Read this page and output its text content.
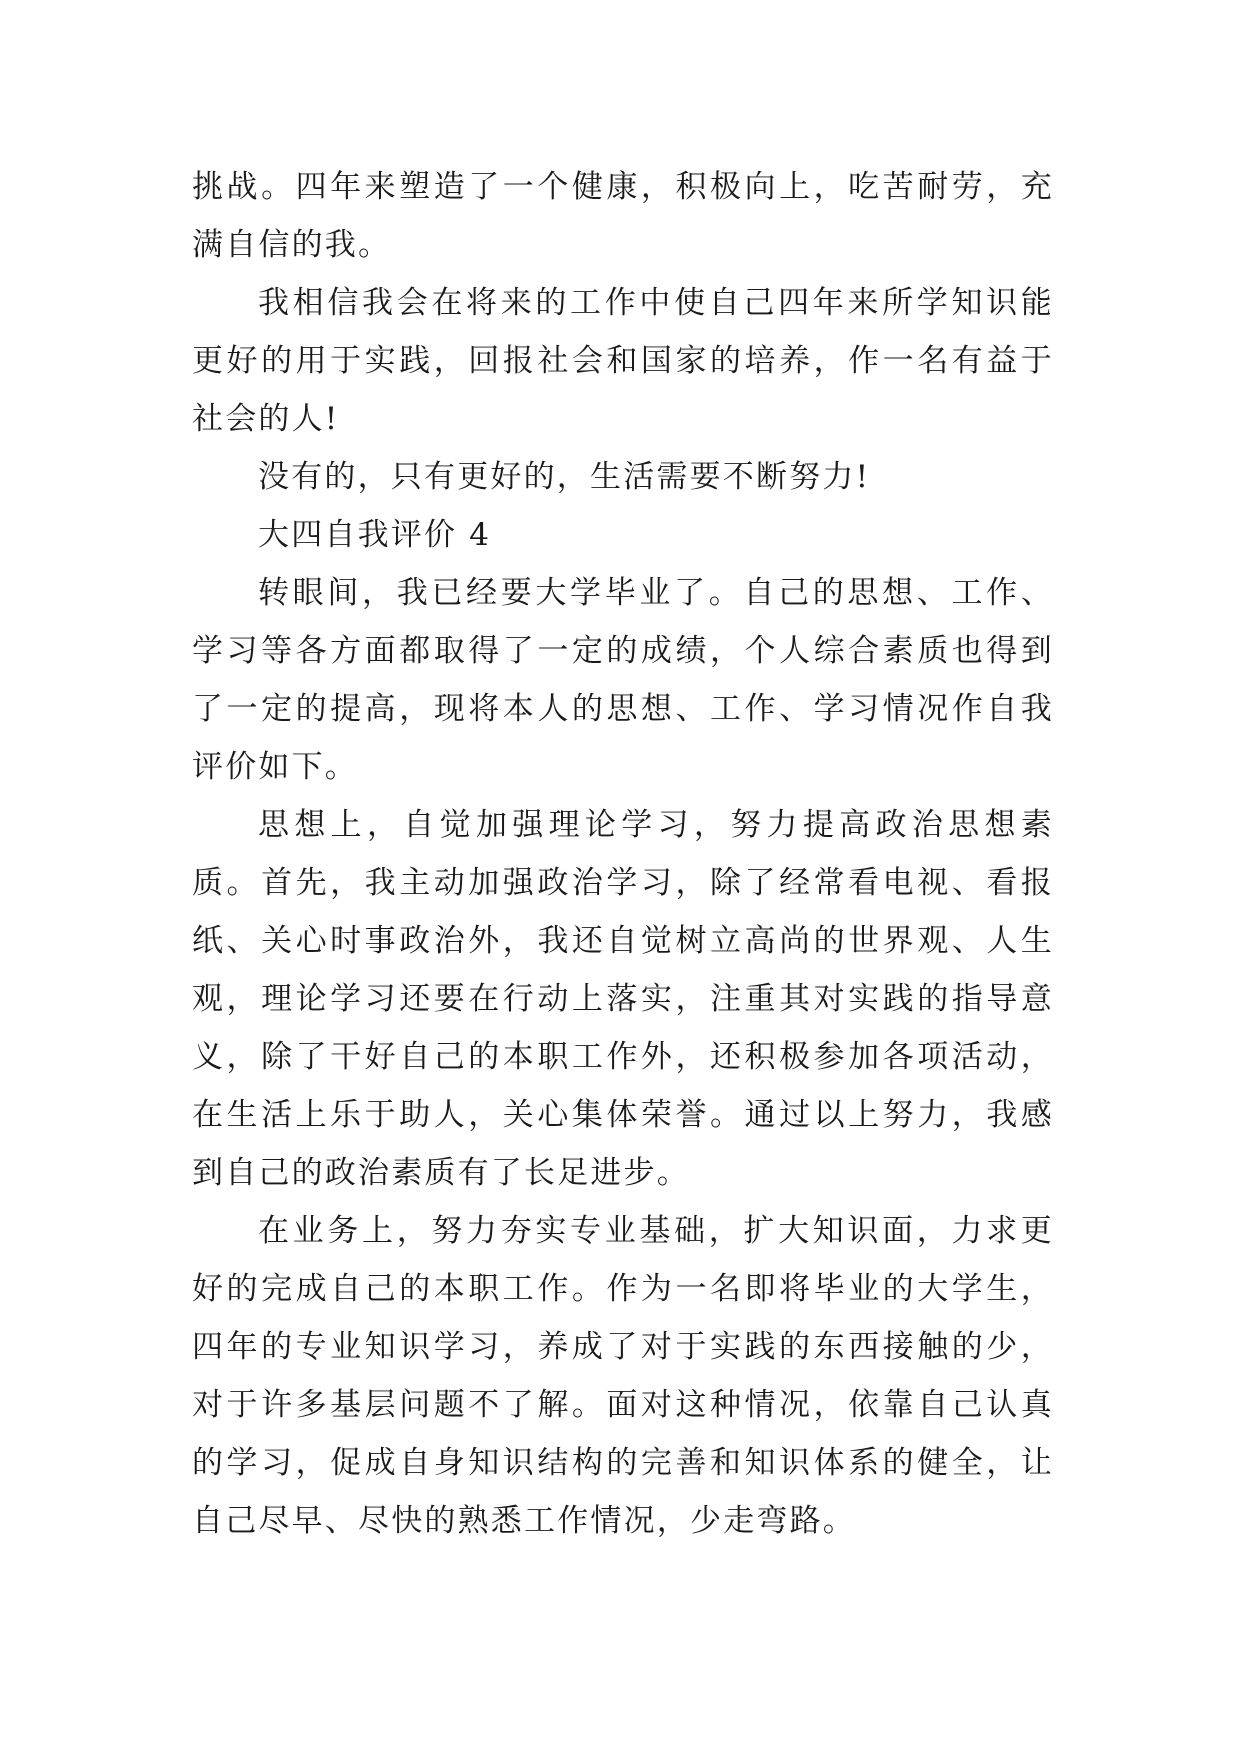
挑战。四年来塑造了一个健康，积极向上，吃苦耐劳，充满自信的我。

我相信我会在将来的工作中使自己四年来所学知识能更好的用于实践，回报社会和国家的培养，作一名有益于社会的人!

没有的，只有更好的，生活需要不断努力!

大四自我评价 4

转眼间，我已经要大学毕业了。自己的思想、工作、学习等各方面都取得了一定的成绩，个人综合素质也得到了一定的提高，现将本人的思想、工作、学习情况作自我评价如下。

思想上，自觉加强理论学习，努力提高政治思想素质。首先，我主动加强政治学习，除了经常看电视、看报纸、关心时事政治外，我还自觉树立高尚的世界观、人生观，理论学习还要在行动上落实，注重其对实践的指导意义，除了干好自己的本职工作外，还积极参加各项活动，在生活上乐于助人，关心集体荣誉。通过以上努力，我感到自己的政治素质有了长足进步。

在业务上，努力夯实专业基础，扩大知识面，力求更好的完成自己的本职工作。作为一名即将毕业的大学生，四年的专业知识学习，养成了对于实践的东西接触的少，对于许多基层问题不了解。面对这种情况，依靠自己认真的学习，促成自身知识结构的完善和知识体系的健全，让自己尽早、尽快的熟悉工作情况，少走弯路。
